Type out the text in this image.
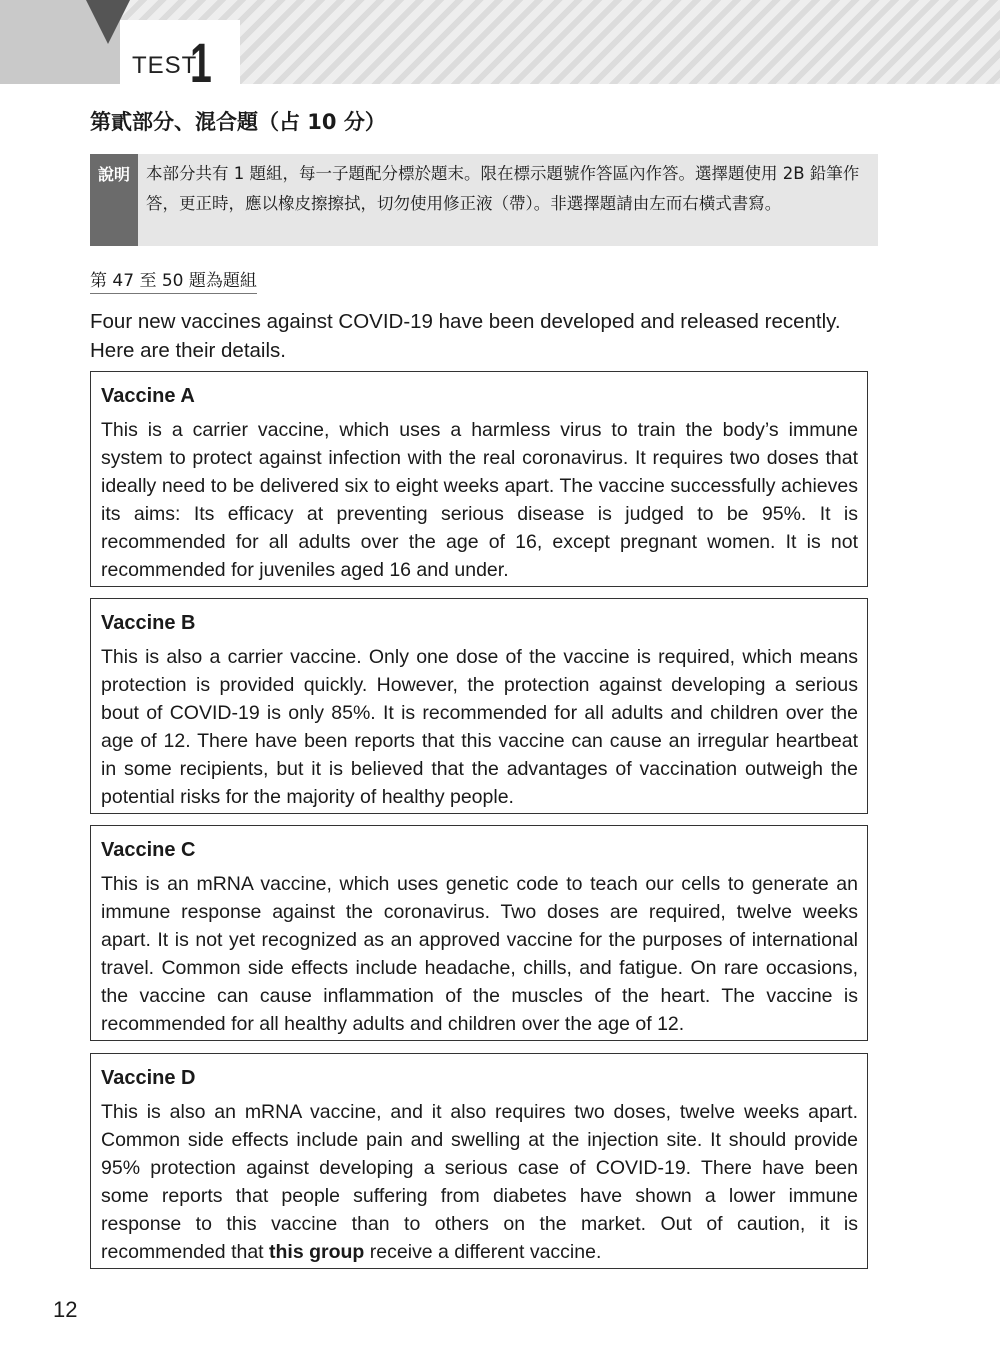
TEST
1
第貳部分、混合題（占 10 分）
說明 本部分共有 1 題組，每一子題配分標於題末。限在標示題號作答區內作答。選擇題使用 2B 鉛筆作答，更正時，應以橡皮擦擦拭，切勿使用修正液（帶）。非選擇題請由左而右橫式書寫。
第 47 至 50 題為題組
Four new vaccines against COVID-19 have been developed and released recently. Here are their details.
Vaccine A
This is a carrier vaccine, which uses a harmless virus to train the body’s immune system to protect against infection with the real coronavirus. It requires two doses that ideally need to be delivered six to eight weeks apart. The vaccine successfully achieves its aims: Its efficacy at preventing serious disease is judged to be 95%. It is recommended for all adults over the age of 16, except pregnant women. It is not recommended for juveniles aged 16 and under.
Vaccine B
This is also a carrier vaccine. Only one dose of the vaccine is required, which means protection is provided quickly. However, the protection against developing a serious bout of COVID-19 is only 85%. It is recommended for all adults and children over the age of 12. There have been reports that this vaccine can cause an irregular heartbeat in some recipients, but it is believed that the advantages of vaccination outweigh the potential risks for the majority of healthy people.
Vaccine C
This is an mRNA vaccine, which uses genetic code to teach our cells to generate an immune response against the coronavirus. Two doses are required, twelve weeks apart. It is not yet recognized as an approved vaccine for the purposes of international travel. Common side effects include headache, chills, and fatigue. On rare occasions, the vaccine can cause inflammation of the muscles of the heart. The vaccine is recommended for all healthy adults and children over the age of 12.
Vaccine D
This is also an mRNA vaccine, and it also requires two doses, twelve weeks apart. Common side effects include pain and swelling at the injection site. It should provide 95% protection against developing a serious case of COVID-19. There have been some reports that people suffering from diabetes have shown a lower immune response to this vaccine than to others on the market. Out of caution, it is recommended that this group receive a different vaccine.
12
